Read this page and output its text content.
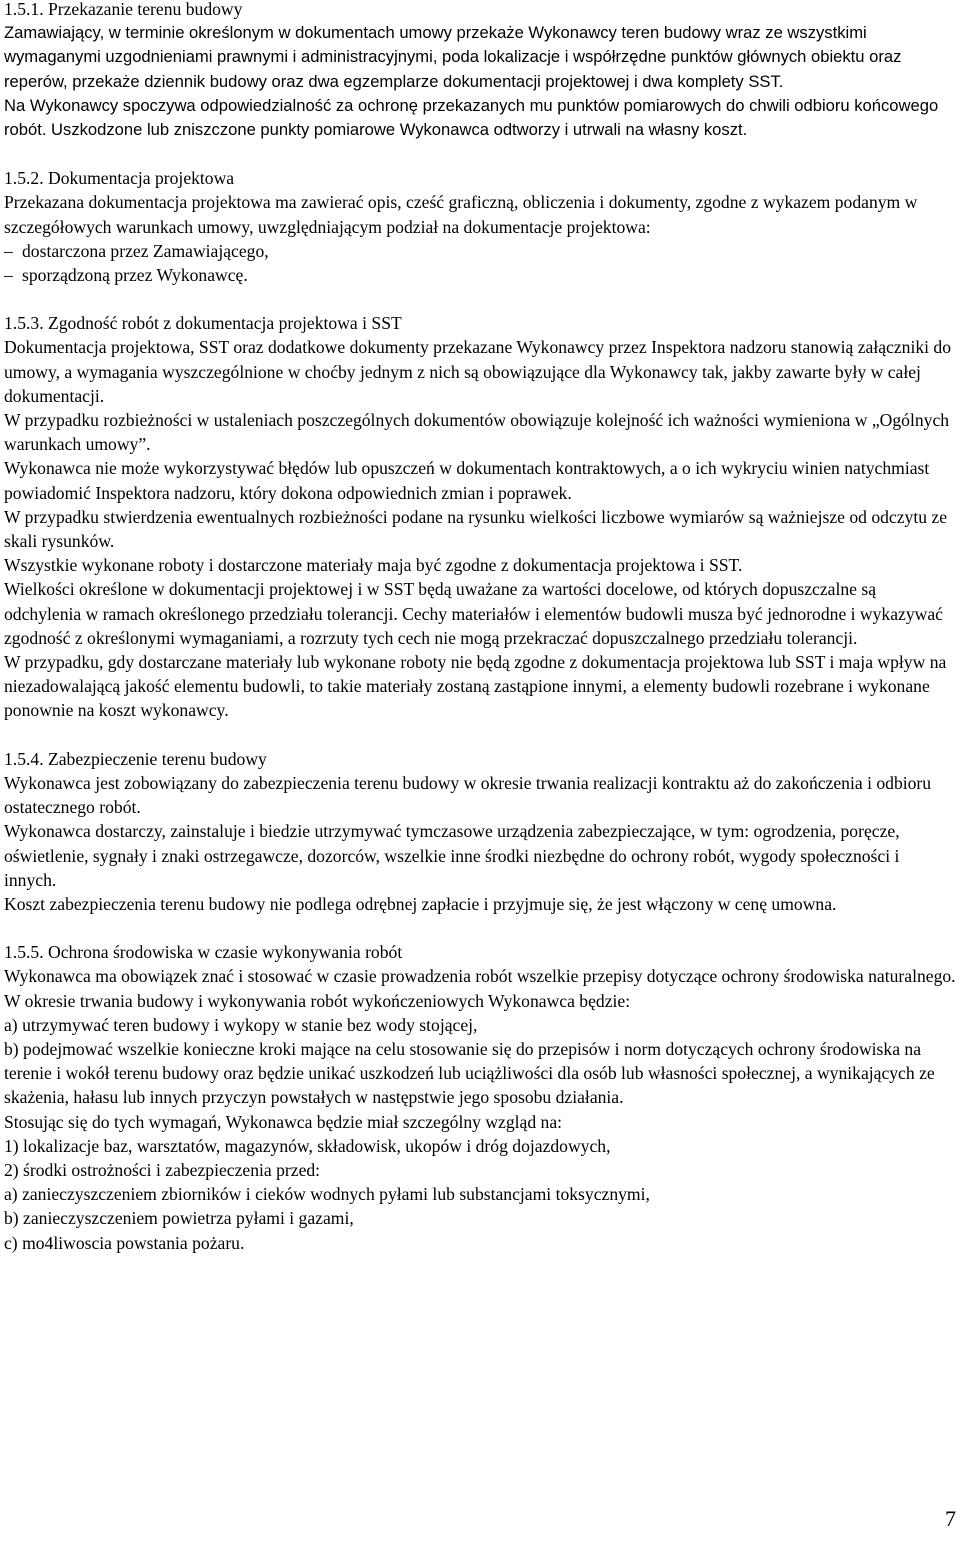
1.5.1. Przekazanie terenu budowy

Zamawiający, w terminie określonym w dokumentach umowy przekaże Wykonawcy teren budowy wraz ze wszystkimi wymaganymi uzgodnieniami prawnymi i administracyjnymi, poda lokalizacje i współrzędne punktów głównych obiektu oraz reperów, przekaże dziennik budowy oraz dwa egzemplarze dokumentacji projektowej i dwa komplety SST.

Na Wykonawcy spoczywa odpowiedzialność za ochronę przekazanych mu punktów pomiarowych do chwili odbioru końcowego robót. Uszkodzone lub zniszczone punkty pomiarowe Wykonawca odtworzy i utrwali na własny koszt.

1.5.2. Dokumentacja projektowa

Przekazana dokumentacja projektowa ma zawierać opis, cześć graficzną, obliczenia i dokumenty, zgodne z wykazem podanym w szczegółowych warunkach umowy, uwzględniającym podział na dokumentacje projektowa:

– dostarczona przez Zamawiającego,

– sporządzoną przez Wykonawcę.

1.5.3. Zgodność robót z dokumentacja projektowa i SST

Dokumentacja projektowa, SST oraz dodatkowe dokumenty przekazane Wykonawcy przez Inspektora nadzoru stanowią załączniki do umowy, a wymagania wyszczególnione w choćby jednym z nich są obowiązujące dla Wykonawcy tak, jakby zawarte były w całej dokumentacji.

W przypadku rozbieżności w ustaleniach poszczególnych dokumentów obowiązuje kolejność ich ważności wymieniona w „Ogólnych warunkach umowy”.

Wykonawca nie może wykorzystywać błędów lub opuszczeń w dokumentach kontraktowych, a o ich wykryciu winien natychmiast powiadomić Inspektora nadzoru, który dokona odpowiednich zmian i poprawek.

W przypadku stwierdzenia ewentualnych rozbieżności podane na rysunku wielkości liczbowe wymiarów są ważniejsze od odczytu ze skali rysunków.

Wszystkie wykonane roboty i dostarczone materiały maja być zgodne z dokumentacja projektowa i SST.

Wielkości określone w dokumentacji projektowej i w SST będą uważane za wartości docelowe, od których dopuszczalne są odchylenia w ramach określonego przedziału tolerancji. Cechy materiałów i elementów budowli musza być jednorodne i wykazywać zgodność z określonymi wymaganiami, a rozrzuty tych cech nie mogą przekraczać dopuszczalnego przedziału tolerancji.

W przypadku, gdy dostarczane materiały lub wykonane roboty nie będą zgodne z dokumentacja projektowa lub SST i maja wpływ na niezadowalającą jakość elementu budowli, to takie materiały zostaną zastąpione innymi, a elementy budowli rozebrane i wykonane ponownie na koszt wykonawcy.

1.5.4. Zabezpieczenie terenu budowy

Wykonawca jest zobowiązany do zabezpieczenia terenu budowy w okresie trwania realizacji kontraktu aż do zakończenia i odbioru ostatecznego robót.

Wykonawca dostarczy, zainstaluje i biedzie utrzymywać tymczasowe urządzenia zabezpieczające, w tym: ogrodzenia, poręcze, oświetlenie, sygnały i znaki ostrzegawcze, dozorców, wszelkie inne środki niezbędne do ochrony robót, wygody społeczności i innych.

Koszt zabezpieczenia terenu budowy nie podlega odrębnej zapłacie i przyjmuje się, że jest włączony w cenę umowna.

1.5.5. Ochrona środowiska w czasie wykonywania robót

Wykonawca ma obowiązek znać i stosować w czasie prowadzenia robót wszelkie przepisy dotyczące ochrony środowiska naturalnego. W okresie trwania budowy i wykonywania robót wykończeniowych Wykonawca będzie:

a) utrzymywać teren budowy i wykopy w stanie bez wody stojącej,

b) podejmować wszelkie konieczne kroki mające na celu stosowanie się do przepisów i norm dotyczących ochrony środowiska na terenie i wokół terenu budowy oraz będzie unikać uszkodzeń lub uciążliwości dla osób lub własności społecznej, a wynikających ze skażenia, hałasu lub innych przyczyn powstałych w następstwie jego sposobu działania.

Stosując się do tych wymagań, Wykonawca będzie miał szczególny wzgląd na:

1) lokalizacje baz, warsztatów, magazynów, składowisk, ukopów i dróg dojazdowych,

2) środki ostrożności i zabezpieczenia przed:

a) zanieczyszczeniem zbiorników i cieków wodnych pyłami lub substancjami toksycznymi,

b) zanieczyszczeniem powietrza pyłami i gazami,

c) mo4liwoscia powstania pożaru.

7
